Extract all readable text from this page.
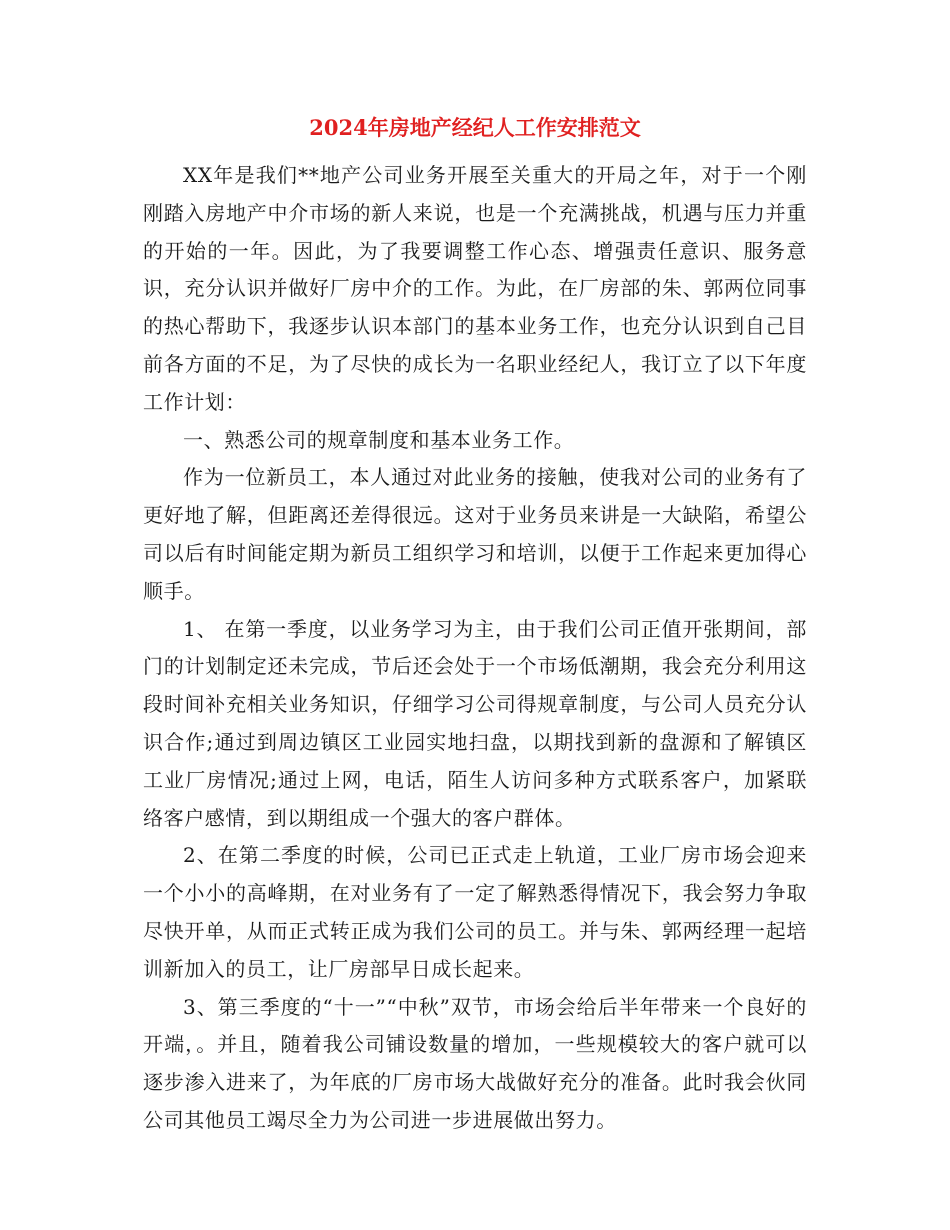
2024年房地产经纪人工作安排范文

XX年是我们**地产公司业务开展至关重大的开局之年，对于一个刚刚踏入房地产中介市场的新人来说，也是一个充满挑战，机遇与压力并重的开始的一年。因此，为了我要调整工作心态、增强责任意识、服务意识，充分认识并做好厂房中介的工作。为此，在厂房部的朱、郭两位同事的热心帮助下，我逐步认识本部门的基本业务工作，也充分认识到自己目前各方面的不足，为了尽快的成长为一名职业经纪人，我订立了以下年度工作计划：

一、熟悉公司的规章制度和基本业务工作。

作为一位新员工，本人通过对此业务的接触，使我对公司的业务有了更好地了解，但距离还差得很远。这对于业务员来讲是一大缺陷，希望公司以后有时间能定期为新员工组织学习和培训，以便于工作起来更加得心顺手。

1、 在第一季度，以业务学习为主，由于我们公司正值开张期间，部门的计划制定还未完成，节后还会处于一个市场低潮期，我会充分利用这段时间补充相关业务知识，仔细学习公司得规章制度，与公司人员充分认识合作;通过到周边镇区工业园实地扫盘，以期找到新的盘源和了解镇区工业厂房情况;通过上网，电话，陌生人访问多种方式联系客户，加紧联络客户感情，到以期组成一个强大的客户群体。

2、在第二季度的时候，公司已正式走上轨道，工业厂房市场会迎来一个小小的高峰期，在对业务有了一定了解熟悉得情况下，我会努力争取尽快开单，从而正式转正成为我们公司的员工。并与朱、郭两经理一起培训新加入的员工，让厂房部早日成长起来。

3、第三季度的“十一”“中秋”双节，市场会给后半年带来一个良好的开端，。并且，随着我公司铺设数量的增加，一些规模较大的客户就可以逐步渗入进来了，为年底的厂房市场大战做好充分的准备。此时我会伙同公司其他员工竭尽全力为公司进一步进展做出努力。
